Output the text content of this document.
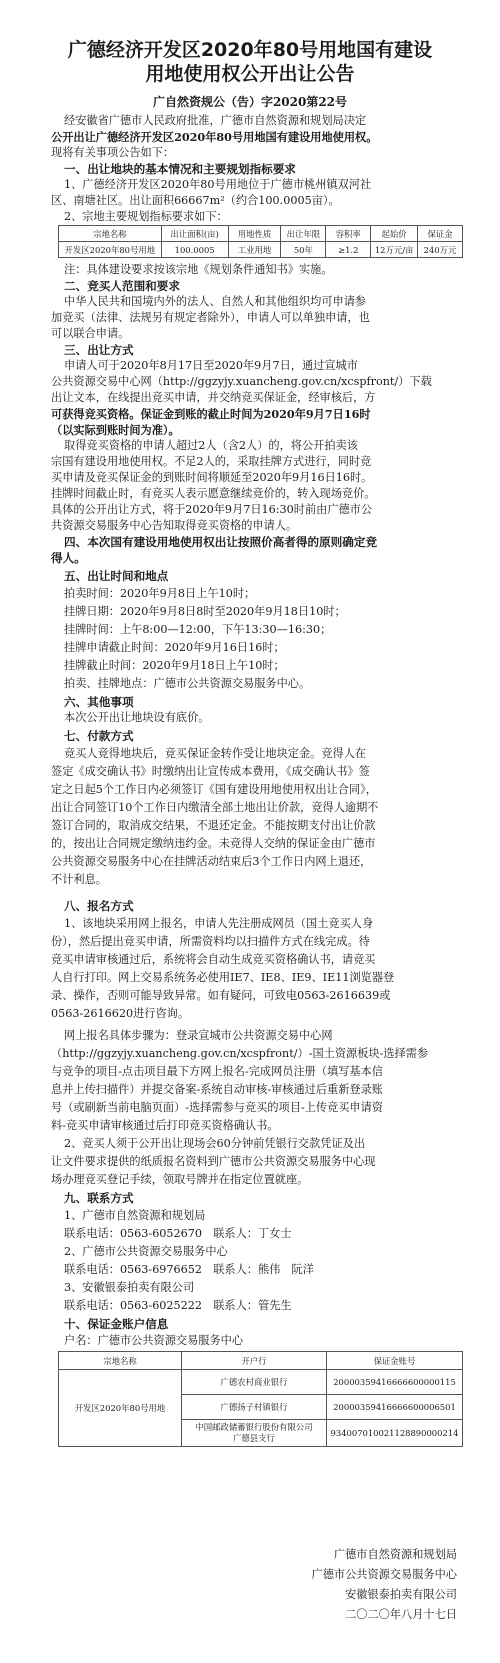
广德经济开发区2020年80号用地国有建设
用地使用权公开出让公告
广自然资规公（告）字2020第22号
经安徽省广德市人民政府批准，广德市自然资源和规划局决定
公开出让广德经济开发区2020年80号用地国有建设用地使用权。
现将有关事项公告如下：
一、出让地块的基本情况和主要规划指标要求
1、广德经济开发区2020年80号用地位于广德市桃州镇双河社
区、南塘社区。出让面积66667m²（约合100.0005亩）。
2、宗地主要规划指标要求如下：
宗地名称	出让面积(亩)	用地性质	出让年限	容积率	起始价	保证金
开发区2020年80号用地	100.0005	工业用地	50年	≥1.2	12万元/亩	240万元
注：具体建设要求按该宗地《规划条件通知书》实施。
二、竞买人范围和要求
中华人民共和国境内外的法人、自然人和其他组织均可申请参
加竞买（法律、法规另有规定者除外），申请人可以单独申请，也
可以联合申请。
三、出让方式
申请人可于2020年8月17日至2020年9月7日，通过宣城市
公共资源交易中心网（http://ggzyjy.xuancheng.gov.cn/xcspfront/）下载
出让文本，在线提出竞买申请，并交纳竞买保证金，经审核后，方
可获得竞买资格。保证金到账的截止时间为2020年9月7日16时
（以实际到账时间为准）。
取得竞买资格的申请人超过2人（含2人）的，将公开拍卖该
宗国有建设用地使用权。不足2人的，采取挂牌方式进行，同时竞
买申请及竞买保证金的到账时间将顺延至2020年9月16日16时。
挂牌时间截止时，有竞买人表示愿意继续竞价的，转入现场竞价。
具体的公开出让方式，将于2020年9月7日16:30时前由广德市公
共资源交易服务中心告知取得竞买资格的申请人。
四、本次国有建设用地使用权出让按照价高者得的原则确定竞
得人。
五、出让时间和地点
拍卖时间：2020年9月8日上午10时；
挂牌日期：2020年9月8日8时至2020年9月18日10时；
挂牌时间：上午8:00—12:00，下午13:30—16:30；
挂牌申请截止时间：2020年9月16日16时；
挂牌截止时间：2020年9月18日上午10时；
拍卖、挂牌地点：广德市公共资源交易服务中心。
六、其他事项
本次公开出让地块设有底价。
七、付款方式
竞买人竞得地块后，竞买保证金转作受让地块定金。竞得人在
签定《成交确认书》时缴纳出让宣传成本费用，《成交确认书》签
定之日起5个工作日内必须签订《国有建设用地使用权出让合同》，
出让合同签订10个工作日内缴清全部土地出让价款，竞得人逾期不
签订合同的，取消成交结果，不退还定金。不能按期支付出让价款
的，按出让合同规定缴纳违约金。未竞得人交纳的保证金由广德市
公共资源交易服务中心在挂牌活动结束后3个工作日内网上退还，
不计利息。
八、报名方式
1、该地块采用网上报名，申请人先注册成网员（国土竞买人身
份），然后提出竞买申请，所需资料均以扫描件方式在线完成。待
竞买申请审核通过后，系统将会自动生成竞买资格确认书，请竞买
人自行打印。网上交易系统务必使用IE7、IE8、IE9、IE11浏览器登
录、操作，否则可能导致异常。如有疑问，可致电0563-2616639或
0563-2616620进行咨询。
网上报名具体步骤为：登录宣城市公共资源交易中心网
（http://ggzyjy.xuancheng.gov.cn/xcspfront/）-国土资源板块-选择需参
与竞争的项目-点击项目最下方网上报名-完成网员注册（填写基本信
息并上传扫描件）并提交备案-系统自动审核-审核通过后重新登录账
号（或刷新当前电脑页面）-选择需参与竞买的项目-上传竞买申请资
料-竞买申请审核通过后打印竞买资格确认书。
2、竞买人须于公开出让现场会60分钟前凭银行交款凭证及出
让文件要求提供的纸质报名资料到广德市公共资源交易服务中心现
场办理竞买登记手续，领取号牌并在指定位置就座。
九、联系方式
1、广德市自然资源和规划局
联系电话：0563-6052670　联系人：丁女士
2、广德市公共资源交易服务中心
联系电话：0563-6976652　联系人：熊伟　阮洋
3、安徽银泰拍卖有限公司
联系电话：0563-6025222　联系人：管先生
十、保证金账户信息
户名：广德市公共资源交易服务中心
宗地名称	开户行	保证金账号
开发区2020年80号用地	广德农村商业银行	20000359416666600000115
	广德扬子村镇银行	20000359416666600006501
	中国邮政储蓄银行股份有限公司
广德县支行	934007010021128890000214
广德市自然资源和规划局
广德市公共资源交易服务中心
安徽银泰拍卖有限公司
二〇二〇年八月十七日
